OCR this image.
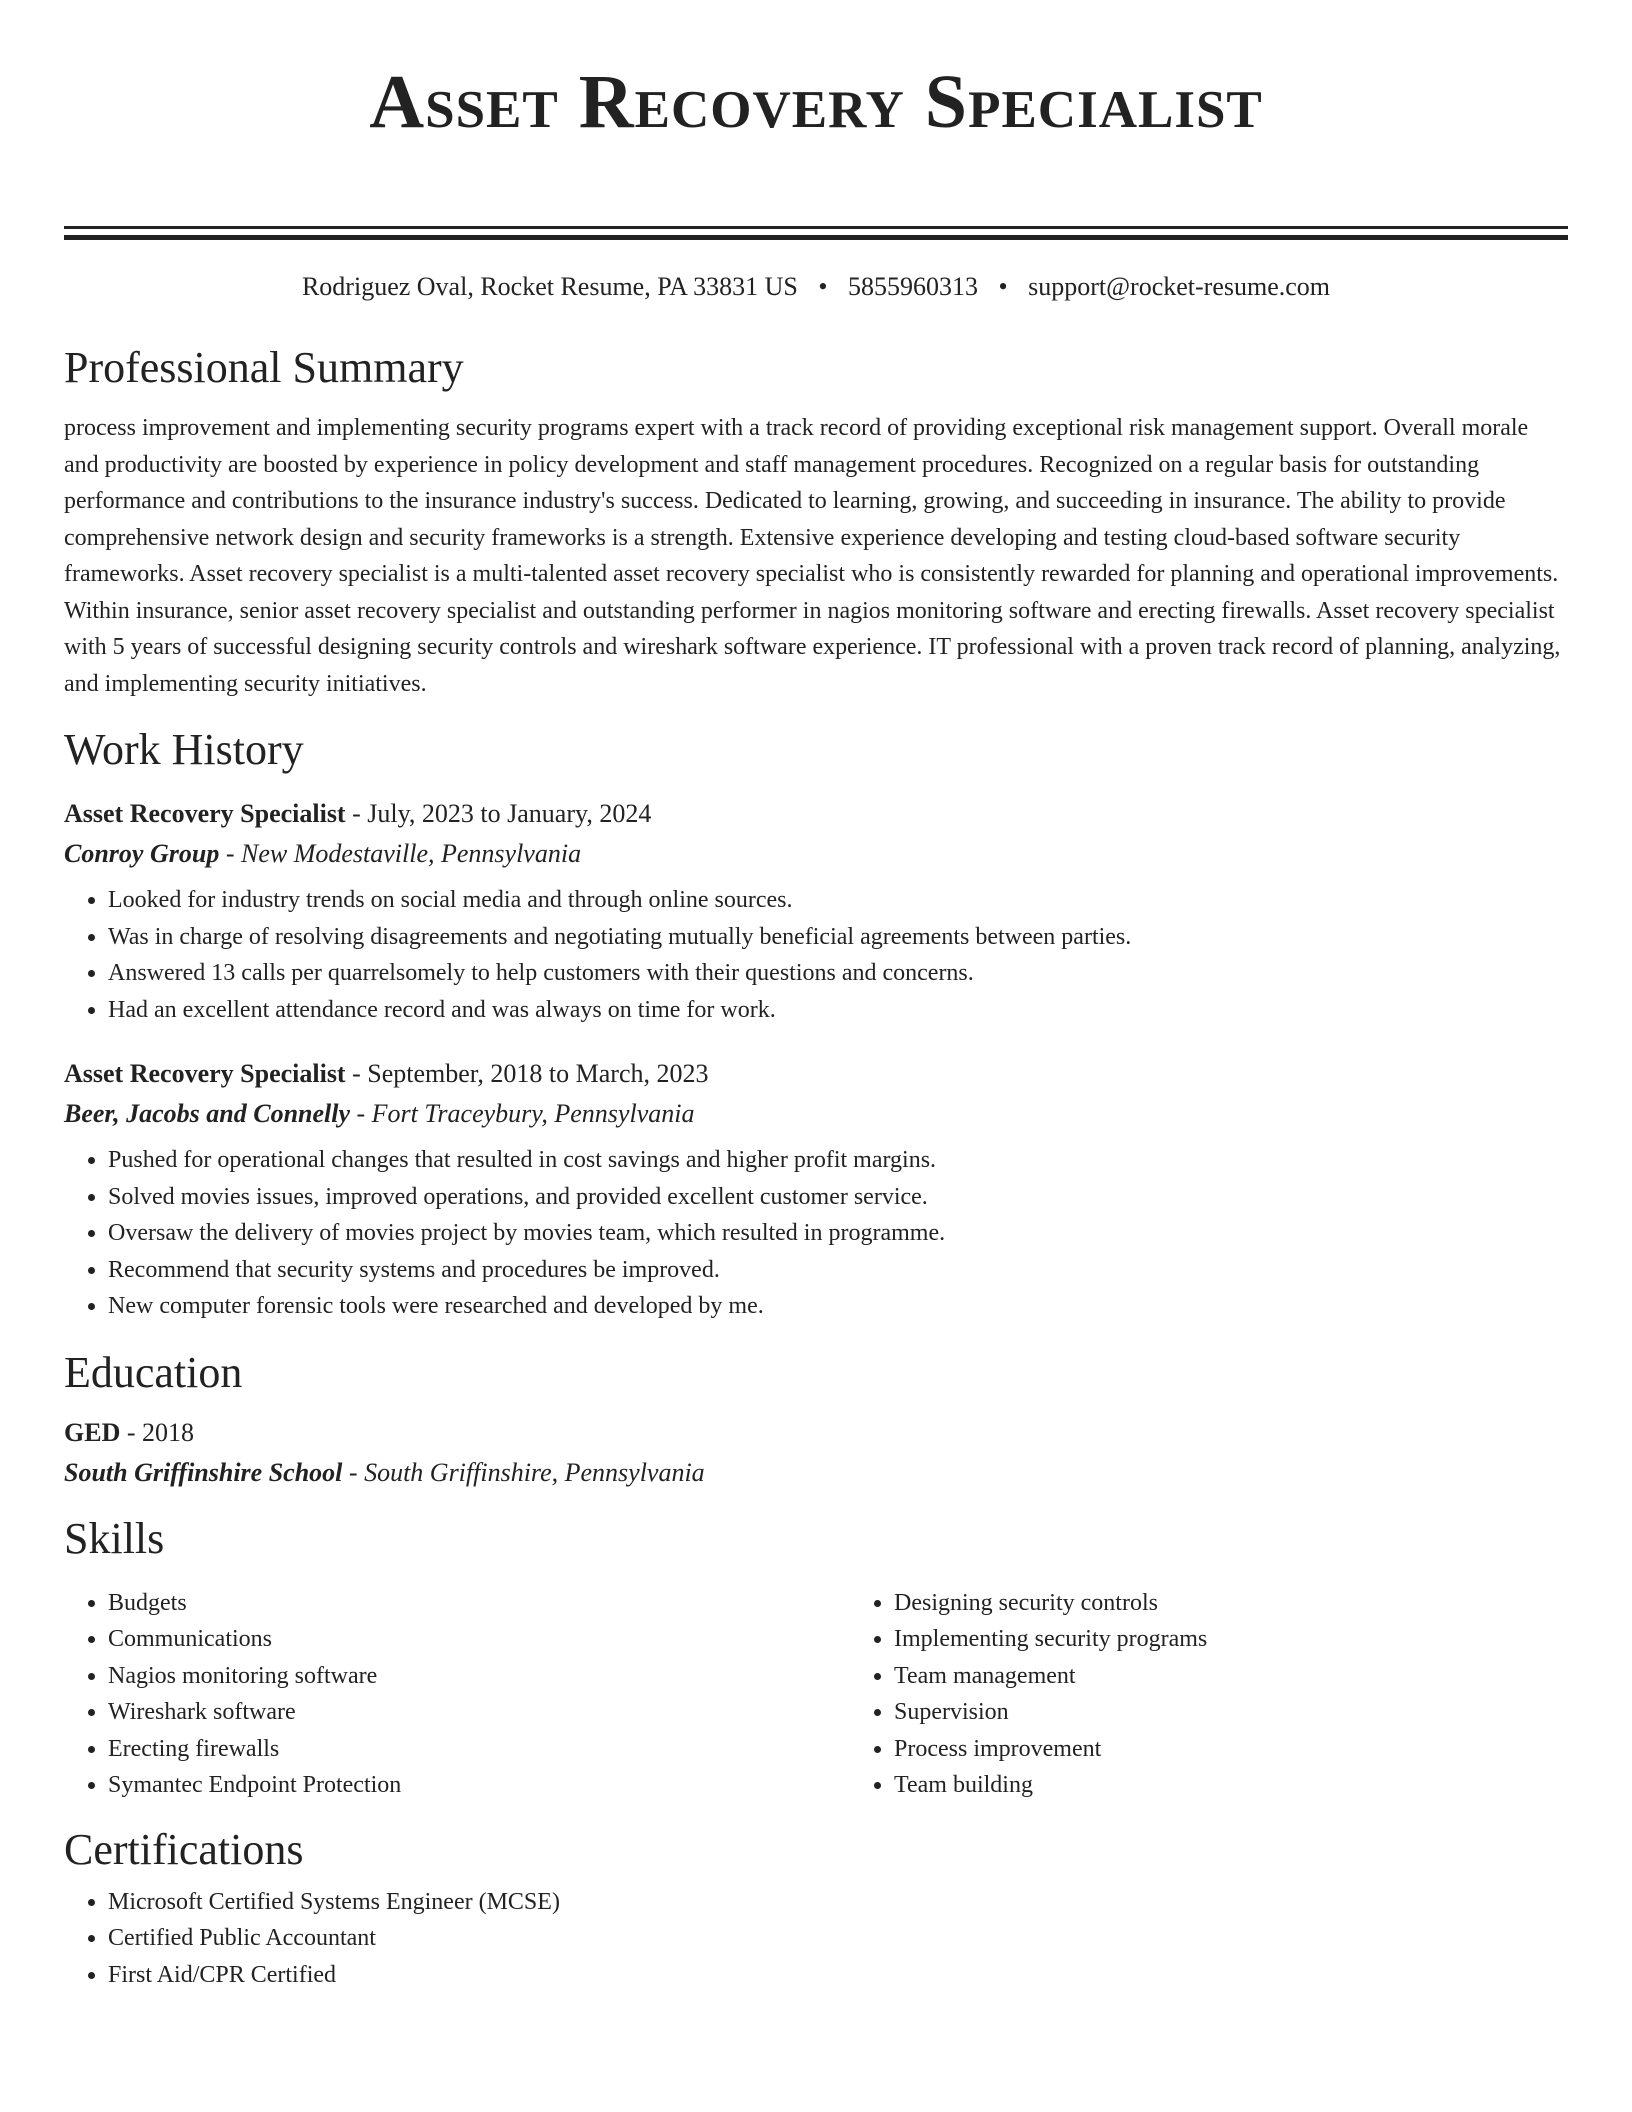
Asset Recovery Specialist
Rodriguez Oval, Rocket Resume, PA 33831 US • 5855960313 • support@rocket-resume.com
Professional Summary

process improvement and implementing security programs expert with a track record of providing exceptional risk management support. Overall morale and productivity are boosted by experience in policy development and staff management procedures. Recognized on a regular basis for outstanding performance and contributions to the insurance industry's success. Dedicated to learning, growing, and succeeding in insurance. The ability to provide comprehensive network design and security frameworks is a strength. Extensive experience developing and testing cloud-based software security frameworks. Asset recovery specialist is a multi-talented asset recovery specialist who is consistently rewarded for planning and operational improvements. Within insurance, senior asset recovery specialist and outstanding performer in nagios monitoring software and erecting firewalls. Asset recovery specialist with 5 years of successful designing security controls and wireshark software experience. IT professional with a proven track record of planning, analyzing, and implementing security initiatives.

Work History
Asset Recovery Specialist - July, 2023 to January, 2024
Conroy Group - New Modestaville, Pennsylvania
• Looked for industry trends on social media and through online sources.
• Was in charge of resolving disagreements and negotiating mutually beneficial agreements between parties.
• Answered 13 calls per quarrelsomely to help customers with their questions and concerns.
• Had an excellent attendance record and was always on time for work.
Asset Recovery Specialist - September, 2018 to March, 2023
Beer, Jacobs and Connelly - Fort Traceybury, Pennsylvania
• Pushed for operational changes that resulted in cost savings and higher profit margins.
• Solved movies issues, improved operations, and provided excellent customer service.
• Oversaw the delivery of movies project by movies team, which resulted in programme.
• Recommend that security systems and procedures be improved.
• New computer forensic tools were researched and developed by me.
Education
GED - 2018
South Griffinshire School - South Griffinshire, Pennsylvania
Skills
• Budgets
• Communications
• Nagios monitoring software
• Wireshark software
• Erecting firewalls
• Symantec Endpoint Protection
• Designing security controls
• Implementing security programs
• Team management
• Supervision
• Process improvement
• Team building
Certifications
• Microsoft Certified Systems Engineer (MCSE)
• Certified Public Accountant
• First Aid/CPR Certified
